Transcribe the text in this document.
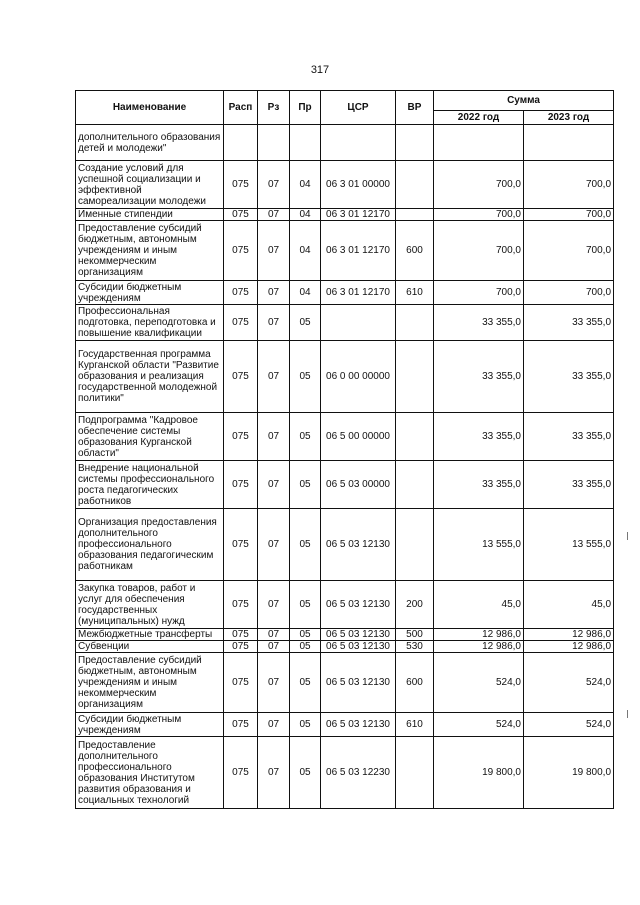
317
Наименование	Расп	Рз	Пр	ЦСР	ВР	Сумма	
						2022 год	2023 год
дополнительного образования детей и молодежи"							
Создание условий для успешной социализации и эффективной самореализации молодежи	075	07	04	06 3 01 00000		700,0	700,0
Именные стипендии	075	07	04	06 3 01 12170		700,0	700,0
Предоставление субсидий бюджетным, автономным учреждениям и иным некоммерческим организациям	075	07	04	06 3 01 12170	600	700,0	700,0
Субсидии бюджетным учреждениям	075	07	04	06 3 01 12170	610	700,0	700,0
Профессиональная подготовка, переподготовка и повышение квалификации	075	07	05			33 355,0	33 355,0
Государственная программа Курганской области "Развитие образования и реализация государственной молодежной политики"	075	07	05	06 0 00 00000		33 355,0	33 355,0
Подпрограмма "Кадровое обеспечение системы образования Курганской области"	075	07	05	06 5 00 00000		33 355,0	33 355,0
Внедрение национальной системы профессионального роста педагогических работников	075	07	05	06 5 03 00000		33 355,0	33 355,0
Организация предоставления дополнительного профессионального образования педагогическим работникам	075	07	05	06 5 03 12130		13 555,0	13 555,0
Закупка товаров, работ и услуг для обеспечения государственных (муниципальных) нужд	075	07	05	06 5 03 12130	200	45,0	45,0
Межбюджетные трансферты	075	07	05	06 5 03 12130	500	12 986,0	12 986,0
Субвенции	075	07	05	06 5 03 12130	530	12 986,0	12 986,0
Предоставление субсидий бюджетным, автономным учреждениям и иным некоммерческим организациям	075	07	05	06 5 03 12130	600	524,0	524,0
Субсидии бюджетным учреждениям	075	07	05	06 5 03 12130	610	524,0	524,0
Предоставление дополнительного профессионального образования Институтом развития образования и социальных технологий	075	07	05	06 5 03 12230		19 800,0	19 800,0
